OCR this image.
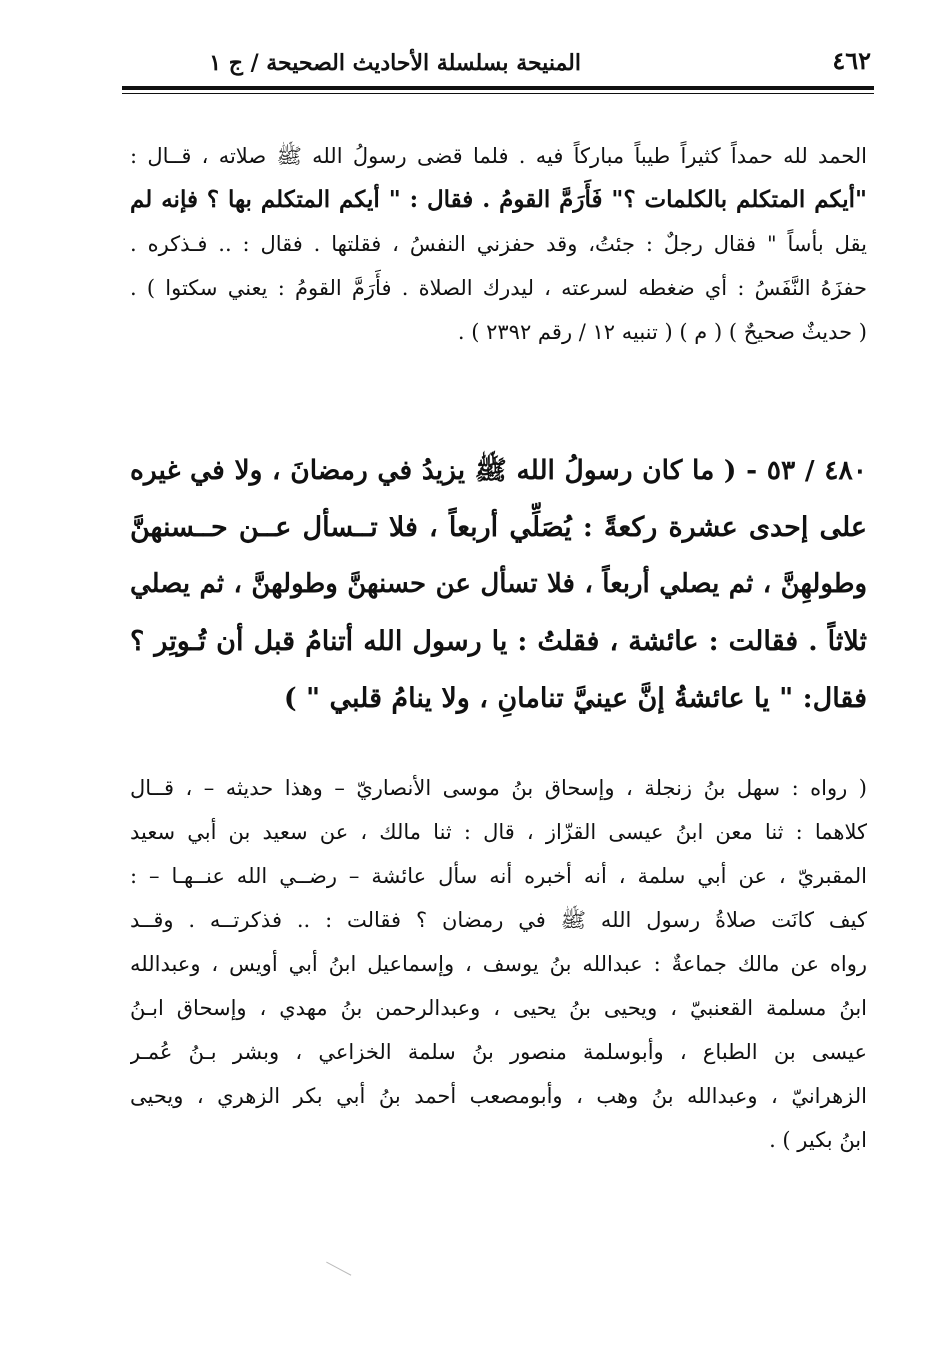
٤٦٢
المنيحة بسلسلة الأحاديث الصحيحة / ج ١
الحمد لله حمداً كثيراً طيباً مباركاً فيه . فلما قضى رسولُ الله ﷺ صلاته ، قــال :
"أيكم المتكلم بالكلمات ؟" فَأَرَمَّ القومُ . فقال : " أيكم المتكلم بها ؟ فإنه لم
يقل بأساً " فقال رجلٌ : جئتُ، وقد حفزني النفسُ ، فقلتها . فقال : .. فـذكره .
حفزَهُ النَّفَسُ : أي ضغطه لسرعته ، ليدرك الصلاة . فأَرَمَّ القومُ : يعني سكتوا ) .
( حديثٌ صحيحٌ ) ( م ) ( تنبيه ١٢ / رقم ٢٣٩٢ ) .
٤٨٠ / ٥٣ - ( ما كان رسولُ الله ﷺ يزيدُ في رمضانَ ، ولا في غيره
على إحدى عشرة ركعةً : يُصَلِّي أربعاً ، فلا تــسأل عــن حــسنهنَّ
وطولهِنَّ ، ثم يصلي أربعاً ، فلا تسأل عن حسنهنَّ وطولهنَّ ، ثم يصلي
ثلاثاً . فقالت : عائشة ، فقلتُ : يا رسول الله أتنامُ قبل أن تُـوتِر ؟
فقال: " يا عائشةُ إنَّ عينيَّ تنامانِ ، ولا ينامُ قلبي " )
( رواه : سهل بنُ زنجلة ، وإسحاق بنُ موسى الأنصاريّ – وهذا حديثه – ، قــال
كلاهما : ثنا معن ابنُ عيسى القزّاز ، قال : ثنا مالك ، عن سعيد بن أبي سعيد
المقبريّ ، عن أبي سلمة ، أنه أخبره أنه سأل عائشة – رضــي الله عنــهـا – :
كيف كانَت صلاةُ رسول الله ﷺ في رمضان ؟ فقالت : .. فذكرتــه . وقــد
رواه عن مالك جماعةٌ : عبدالله بنُ يوسف ، وإسماعيل ابنُ أبي أويس ، وعبدالله
ابنُ مسلمة القعنبيّ ، ويحيى بنُ يحيى ، وعبدالرحمن بنُ مهدي ، وإسحاق ابـنُ
عيسى بن الطباع ، وأبوسلمة منصور بنُ سلمة الخزاعي ، وبشر بـنُ عُمـر
الزهرانيّ ، وعبدالله بنُ وهب ، وأبومصعب أحمد بنُ أبي بكر الزهري ، ويحيى
ابنُ بكير ) .
